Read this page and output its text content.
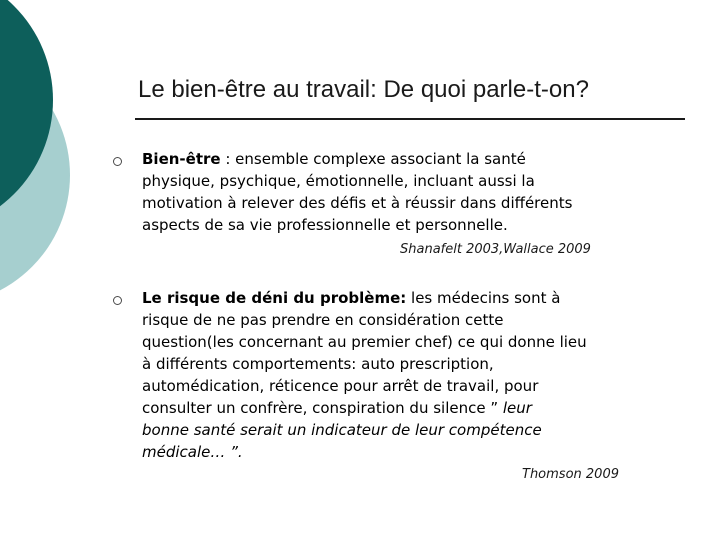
Le bien-être au travail: De quoi parle-t-on?

Bien-être : ensemble complexe associant la santé
physique, psychique, émotionnelle, incluant aussi la
motivation à relever des défis et à réussir dans différents
aspects de sa vie professionnelle et personnelle.

Shanafelt 2003,Wallace 2009

Le risque de déni du problème: les médecins sont à
risque de ne pas prendre en considération cette
question(les concernant au premier chef) ce qui donne lieu
à différents comportements: auto prescription,
automédication, réticence pour arrêt de travail, pour
consulter un confrère, conspiration du silence ” leur
bonne santé serait un indicateur de leur compétence
médicale… ”.

Thomson 2009
